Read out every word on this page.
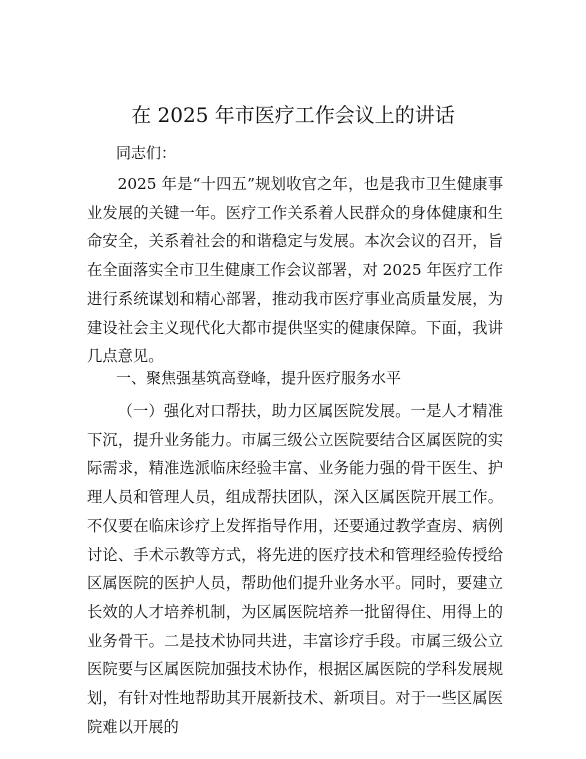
在 2025 年市医疗工作会议上的讲话
同志们：

2025 年是“十四五”规划收官之年，也是我市卫生健康事业发展的关键一年。医疗工作关系着人民群众的身体健康和生命安全，关系着社会的和谐稳定与发展。本次会议的召开，旨在全面落实全市卫生健康工作会议部署，对 2025 年医疗工作进行系统谋划和精心部署，推动我市医疗事业高质量发展，为建设社会主义现代化大都市提供坚实的健康保障。下面，我讲几点意见。

一、聚焦强基筑高登峰，提升医疗服务水平

（一）强化对口帮扶，助力区属医院发展。一是人才精准下沉，提升业务能力。市属三级公立医院要结合区属医院的实际需求，精准选派临床经验丰富、业务能力强的骨干医生、护理人员和管理人员，组成帮扶团队，深入区属医院开展工作。不仅要在临床诊疗上发挥指导作用，还要通过教学查房、病例讨论、手术示教等方式，将先进的医疗技术和管理经验传授给区属医院的医护人员，帮助他们提升业务水平。同时，要建立长效的人才培养机制，为区属医院培养一批留得住、用得上的业务骨干。二是技术协同共进，丰富诊疗手段。市属三级公立医院要与区属医院加强技术协作，根据区属医院的学科发展规划，有针对性地帮助其开展新技术、新项目。对于一些区属医院难以开展的
